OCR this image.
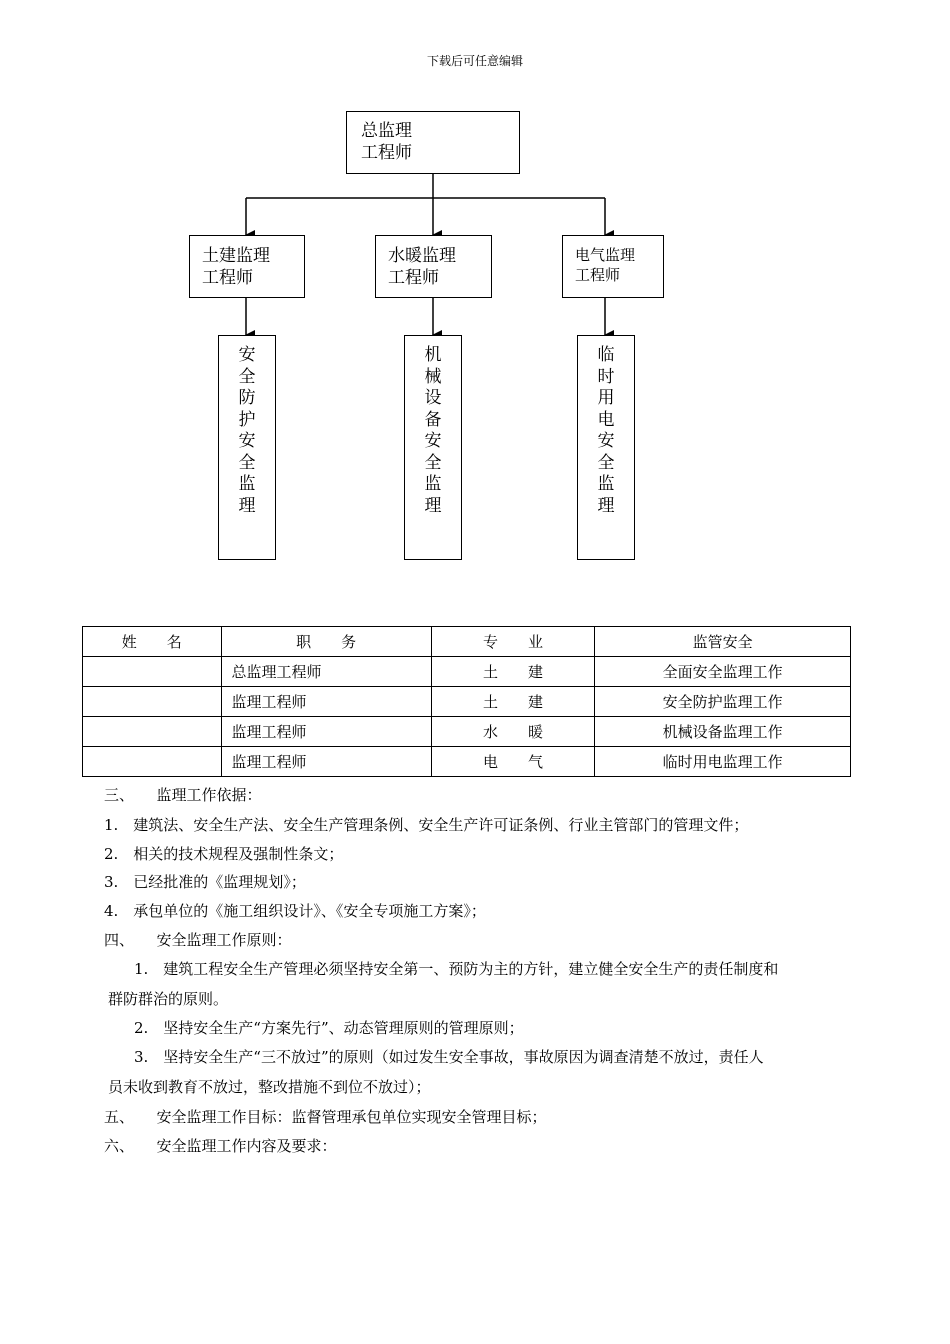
下载后可任意编辑
总监理
工程师
土建监理
工程师
水暖监理
工程师
电气监理
工程师
安
全
防
护
安
全
监
理
机
械
设
备
安
全
监
理
临
时
用
电
安
全
监
理
姓　　名	职　　务	专　　业	监管安全
	总监理工程师	土　　建	全面安全监理工作
	监理工程师	土　　建	安全防护监理工作
	监理工程师	水　　暖	机械设备监理工作
	监理工程师	电　　气	临时用电监理工作
三、　　监理工作依据：
1.　建筑法、安全生产法、安全生产管理条例、安全生产许可证条例、行业主管部门的管理文件；
2.　相关的技术规程及强制性条文；
3.　已经批准的《监理规划》；
4.　承包单位的《施工组织设计》、《安全专项施工方案》；
四、　　安全监理工作原则：
1.　建筑工程安全生产管理必须坚持安全第一、预防为主的方针，建立健全安全生产的责任制度和
群防群治的原则。
2.　坚持安全生产“方案先行”、动态管理原则的管理原则；
3.　坚持安全生产“三不放过”的原则（如过发生安全事故，事故原因为调查清楚不放过，责任人
员未收到教育不放过，整改措施不到位不放过）；
五、　　安全监理工作目标：监督管理承包单位实现安全管理目标；
六、　　安全监理工作内容及要求：
